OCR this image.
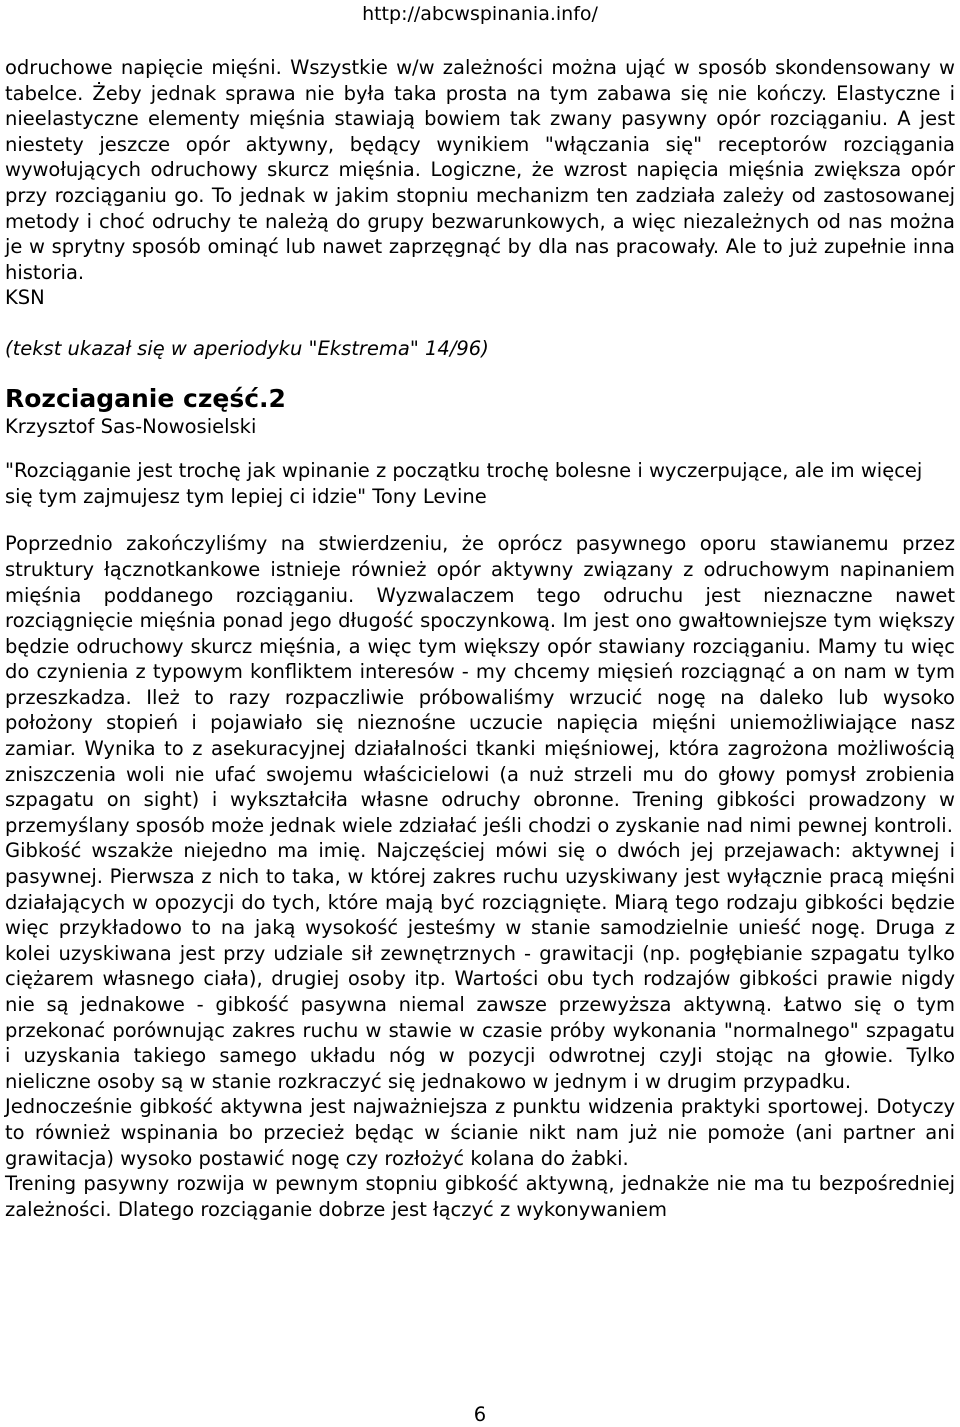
http://abcwspinania.info/

odruchowe napięcie mięśni. Wszystkie w/w zależności można ująć w sposób skondensowany w tabelce. Żeby jednak sprawa nie była taka prosta na tym zabawa się nie kończy. Elastyczne i nieelastyczne elementy mięśnia stawiają bowiem tak zwany pasywny opór rozciąganiu. A jest niestety jeszcze opór aktywny, będący wynikiem "włączania się" receptorów rozciągania wywołujących odruchowy skurcz mięśnia. Logiczne, że wzrost napięcia mięśnia zwiększa opór przy rozciąganiu go. To jednak w jakim stopniu mechanizm ten zadziała zależy od zastosowanej metody i choć odruchy te należą do grupy bezwarunkowych, a więc niezależnych od nas można je w sprytny sposób ominąć lub nawet zaprzęgnąć by dla nas pracowały. Ale to już zupełnie inna historia.

KSN

(tekst ukazał się w aperiodyku "Ekstrema" 14/96)

Rozciaganie część.2

Krzysztof Sas-Nowosielski

"Rozciąganie jest trochę jak wpinanie z początku trochę bolesne i wyczerpujące, ale im więcej się tym zajmujesz tym lepiej ci idzie" Tony Levine

Poprzednio zakończyliśmy na stwierdzeniu, że oprócz pasywnego oporu stawianemu przez struktury łącznotkankowe istnieje również opór aktywny związany z odruchowym napinaniem mięśnia poddanego rozciąganiu. Wyzwalaczem tego odruchu jest nieznaczne nawet rozciągnięcie mięśnia ponad jego długość spoczynkową. Im jest ono gwałtowniejsze tym większy będzie odruchowy skurcz mięśnia, a więc tym większy opór stawiany rozciąganiu. Mamy tu więc do czynienia z typowym konfliktem interesów - my chcemy mięsień rozciągnąć a on nam w tym przeszkadza. Ileż to razy rozpaczliwie próbowaliśmy wrzucić nogę na daleko lub wysoko położony stopień i pojawiało się nieznośne uczucie napięcia mięśni uniemożliwiające nasz zamiar. Wynika to z asekuracyjnej działalności tkanki mięśniowej, która zagrożona możliwością zniszczenia woli nie ufać swojemu właścicielowi (a nuż strzeli mu do głowy pomysł zrobienia szpagatu on sight) i wykształciła własne odruchy obronne. Trening gibkości prowadzony w przemyślany sposób może jednak wiele zdziałać jeśli chodzi o zyskanie nad nimi pewnej kontroli.

Gibkość wszakże niejedno ma imię. Najczęściej mówi się o dwóch jej przejawach: aktywnej i pasywnej. Pierwsza z nich to taka, w której zakres ruchu uzyskiwany jest wyłącznie pracą mięśni działających w opozycji do tych, które mają być rozciągnięte. Miarą tego rodzaju gibkości będzie więc przykładowo to na jaką wysokość jesteśmy w stanie samodzielnie unieść nogę. Druga z kolei uzyskiwana jest przy udziale sił zewnętrznych - grawitacji (np. pogłębianie szpagatu tylko ciężarem własnego ciała), drugiej osoby itp. Wartości obu tych rodzajów gibkości prawie nigdy nie są jednakowe - gibkość pasywna niemal zawsze przewyższa aktywną. Łatwo się o tym przekonać porównując zakres ruchu w stawie w czasie próby wykonania "normalnego" szpagatu i uzyskania takiego samego układu nóg w pozycji odwrotnej czyJi stojąc na głowie. Tylko nieliczne osoby są w stanie rozkraczyć się jednakowo w jednym i w drugim przypadku.

Jednocześnie gibkość aktywna jest najważniejsza z punktu widzenia praktyki sportowej. Dotyczy to również wspinania bo przecież będąc w ścianie nikt nam już nie pomoże (ani partner ani grawitacja) wysoko postawić nogę czy rozłożyć kolana do żabki.

Trening pasywny rozwija w pewnym stopniu gibkość aktywną, jednakże nie ma tu bezpośredniej zależności. Dlatego rozciąganie dobrze jest łączyć z wykonywaniem

6
